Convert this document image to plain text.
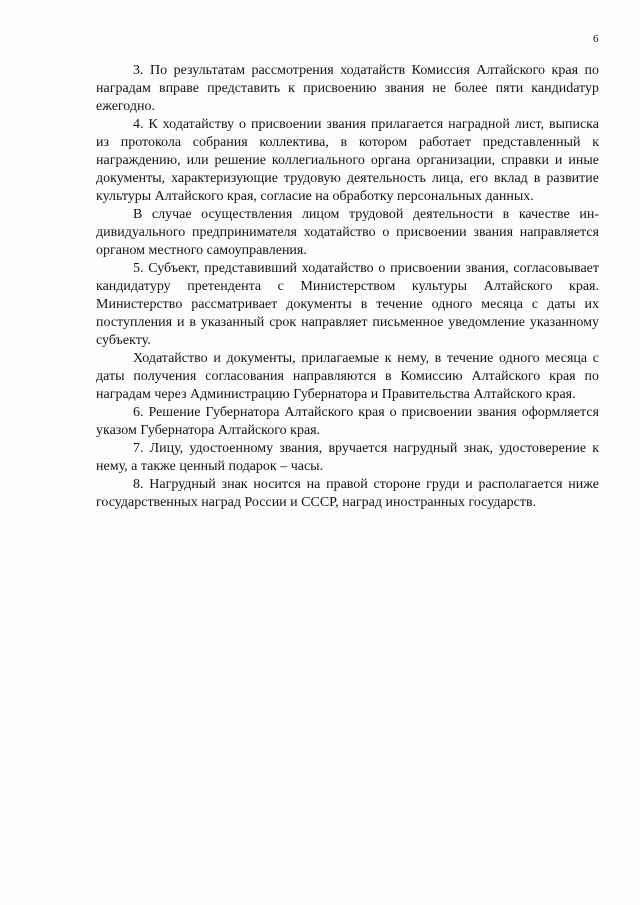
6

3. По результатам рассмотрения ходатайств Комиссия Алтайского края по наградам вправе представить к присвоению звания не более пяти кандиdатур ежегодно.

4. К ходатайству о присвоении звания прилагается наградной лист, выписка из протокола собрания коллектива, в котором работает представленный к награждению, или решение коллегиального органа организации, справки и иные документы, характеризующие трудовую деятельность лица, его вклад в развитие культуры Алтайского края, согласие на обработку персональных данных.

В случае осуществления лицом трудовой деятельности в качестве индивидуального предпринимателя ходатайство о присвоении звания направляется органом местного самоуправления.

5. Субъект, представивший ходатайство о присвоении звания, согласовывает кандидатуру претендента с Министерством культуры Алтайского края. Министерство рассматривает документы в течение одного месяца с даты их поступления и в указанный срок направляет письменное уведомление указанному субъекту.

Ходатайство и документы, прилагаемые к нему, в течение одного месяца с даты получения согласования направляются в Комиссию Алтайского края по наградам через Администрацию Губернатора и Правительства Алтайского края.

6. Решение Губернатора Алтайского края о присвоении звания оформляется указом Губернатора Алтайского края.

7. Лицу, удостоенному звания, вручается нагрудный знак, удостоверение к нему, а также ценный подарок – часы.

8. Нагрудный знак носится на правой стороне груди и располагается ниже государственных наград России и СССР, наград иностранных государств.
